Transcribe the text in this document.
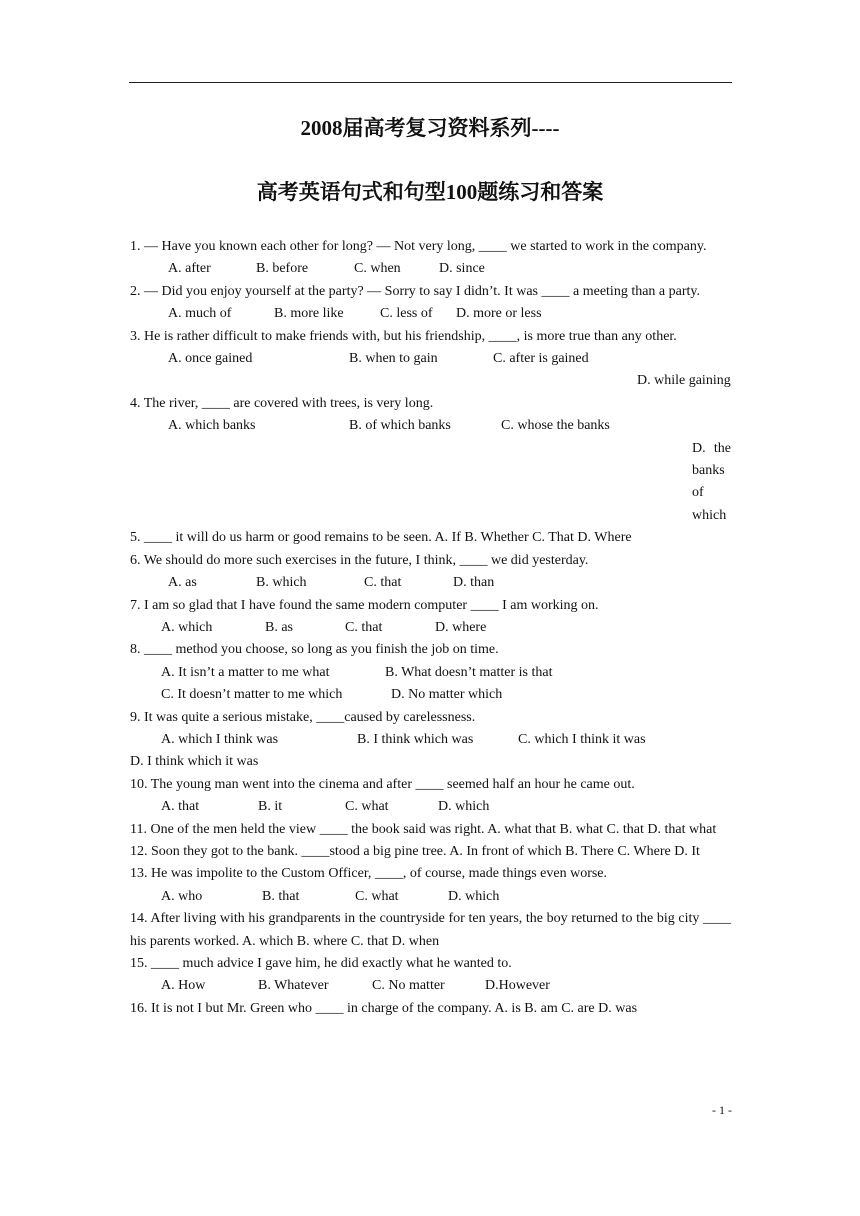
2008届高考复习资料系列----
高考英语句式和句型100题练习和答案

1. — Have you known each other for long? — Not very long, ____ we started to work in the company.

A. after	B. before	C. when	D. since

2. — Did you enjoy yourself at the party? — Sorry to say I didn’t. It was ____ a meeting than a party.

A. much of	B. more like	C. less of	D. more or less

3. He is rather difficult to make friends with, but his friendship, ____, is more true than any other.

A. once gained	B. when to gain	C. after is gained

D. while gaining

4. The river, ____ are covered with trees, is very long.

A. which banks	B. of which banks	C. whose the banks

D. the banks of which

5. ____ it will do us harm or good remains to be seen. A. If B. Whether C. That D. Where

6. We should do more such exercises in the future, I think, ____ we did yesterday.

A. as	B. which	C. that	D. than

7. I am so glad that I have found the same modern computer ____ I am working on.

A. which	B. as	C. that	D. where

8. ____ method you choose, so long as you finish the job on time.

A. It isn’t a matter to me what	B. What doesn’t matter is that

C. It doesn’t matter to me which	D. No matter which

9. It was quite a serious mistake, ____caused by carelessness.

A. which I think was	B. I think which was	C. which I think it was

D. I think which it was

10. The young man went into the cinema and after ____ seemed half an hour he came out.

A. that	B. it	C. what	D. which

11. One of the men held the view ____ the book said was right. A. what that B. what C. that D. that what

12. Soon they got to the bank. ____stood a big pine tree. A. In front of which B. There C. Where D. It

13. He was impolite to the Custom Officer, ____, of course, made things even worse.

A. who	B. that	C. what	D. which

14. After living with his grandparents in the countryside for ten years, the boy returned to the big city ____ his parents worked. A. which B. where C. that D. when

15. ____ much advice I gave him, he did exactly what he wanted to.

A. How	B. Whatever	C. No matter	D.However

16. It is not I but Mr. Green who ____ in charge of the company. A. is B. am C. are D. was

- 1 -
